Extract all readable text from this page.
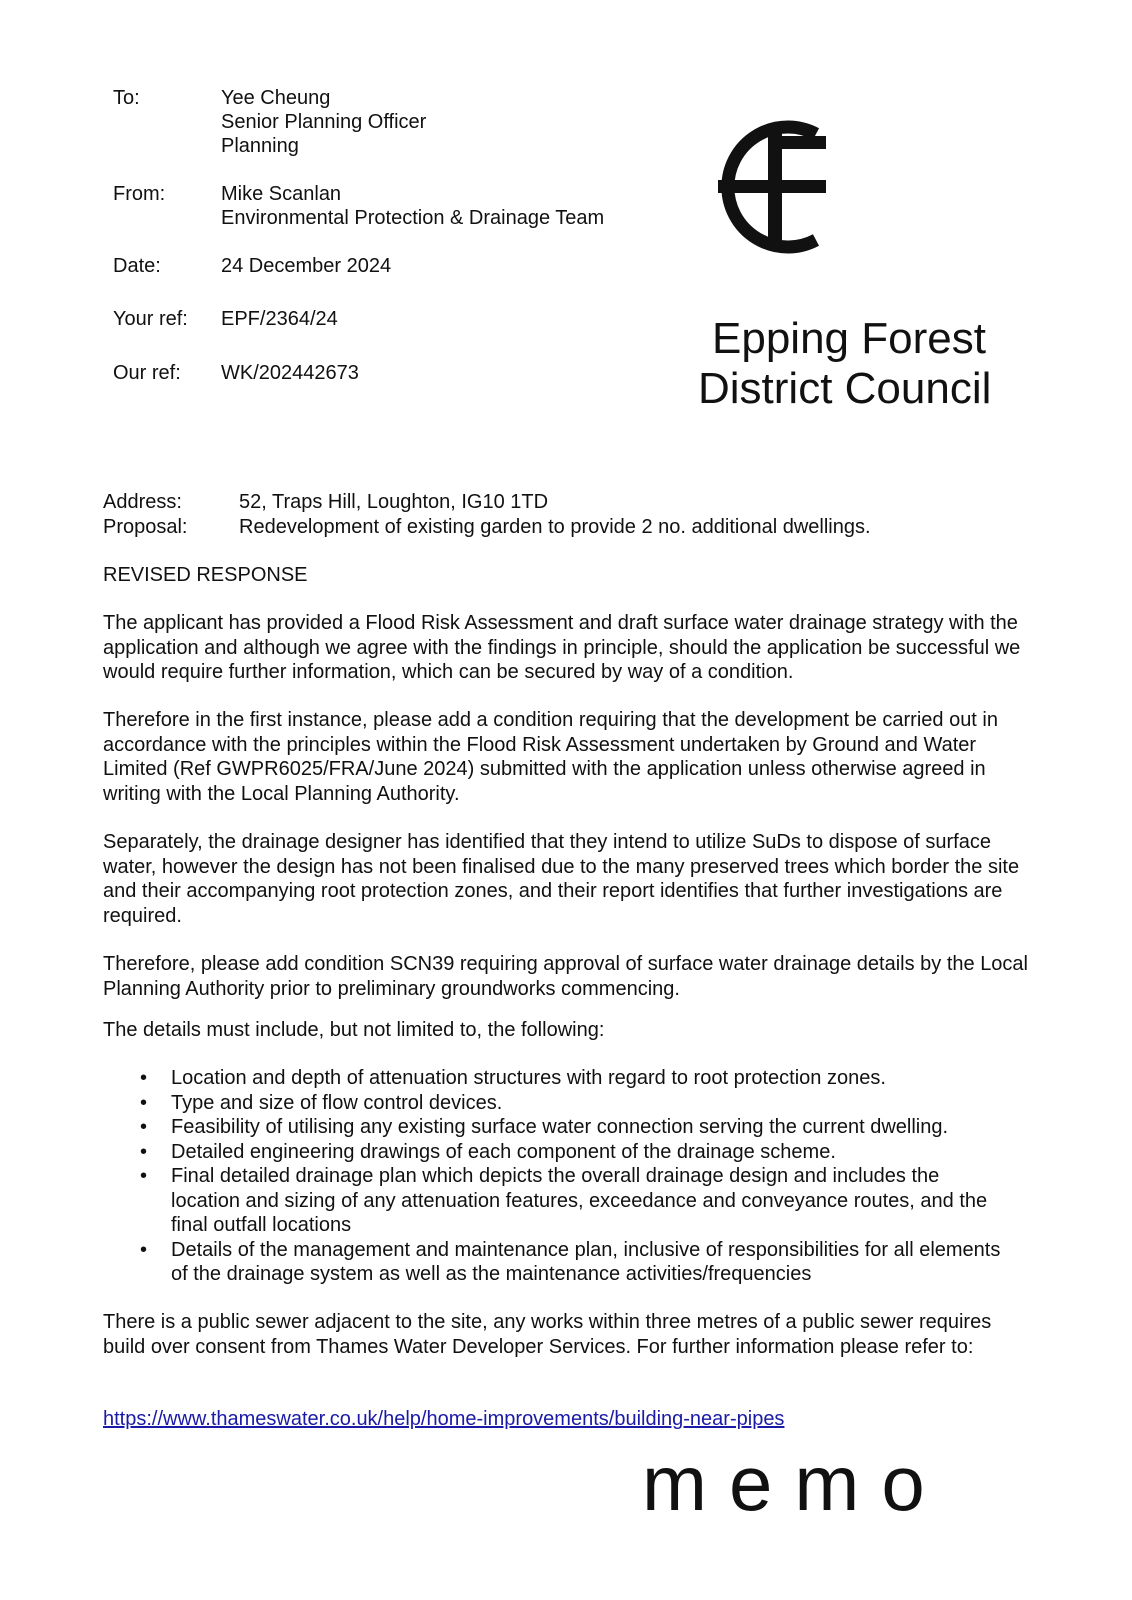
To:	Yee Cheung
Senior Planning Officer
Planning
From:	Mike Scanlan
Environmental Protection & Drainage Team
Date:	24 December 2024
Your ref: EPF/2364/24
Our ref: WK/202442673
Epping Forest
District Council
Address:	52, Traps Hill, Loughton, IG10 1TD
Proposal:	Redevelopment of existing garden to provide 2 no. additional dwellings.
REVISED RESPONSE

The applicant has provided a Flood Risk Assessment and draft surface water drainage strategy with the application and although we agree with the findings in principle, should the application be successful we would require further information, which can be secured by way of a condition.

Therefore in the first instance, please add a condition requiring that the development be carried out in accordance with the principles within the Flood Risk Assessment undertaken by Ground and Water Limited (Ref GWPR6025/FRA/June 2024) submitted with the application unless otherwise agreed in writing with the Local Planning Authority.

Separately, the drainage designer has identified that they intend to utilize SuDs to dispose of surface water, however the design has not been finalised due to the many preserved trees which border the site and their accompanying root protection zones, and their report identifies that further investigations are required.

Therefore, please add condition SCN39 requiring approval of surface water drainage details by the Local Planning Authority prior to preliminary groundworks commencing.

The details must include, but not limited to, the following:

• Location and depth of attenuation structures with regard to root protection zones.
• Type and size of flow control devices.
• Feasibility of utilising any existing surface water connection serving the current dwelling.
• Detailed engineering drawings of each component of the drainage scheme.
• Final detailed drainage plan which depicts the overall drainage design and includes the location and sizing of any attenuation features, exceedance and conveyance routes, and the final outfall locations
• Details of the management and maintenance plan, inclusive of responsibilities for all elements of the drainage system as well as the maintenance activities/frequencies

There is a public sewer adjacent to the site, any works within three metres of a public sewer requires build over consent from Thames Water Developer Services. For further information please refer to:

https://www.thameswater.co.uk/help/home-improvements/building-near-pipes
memo
